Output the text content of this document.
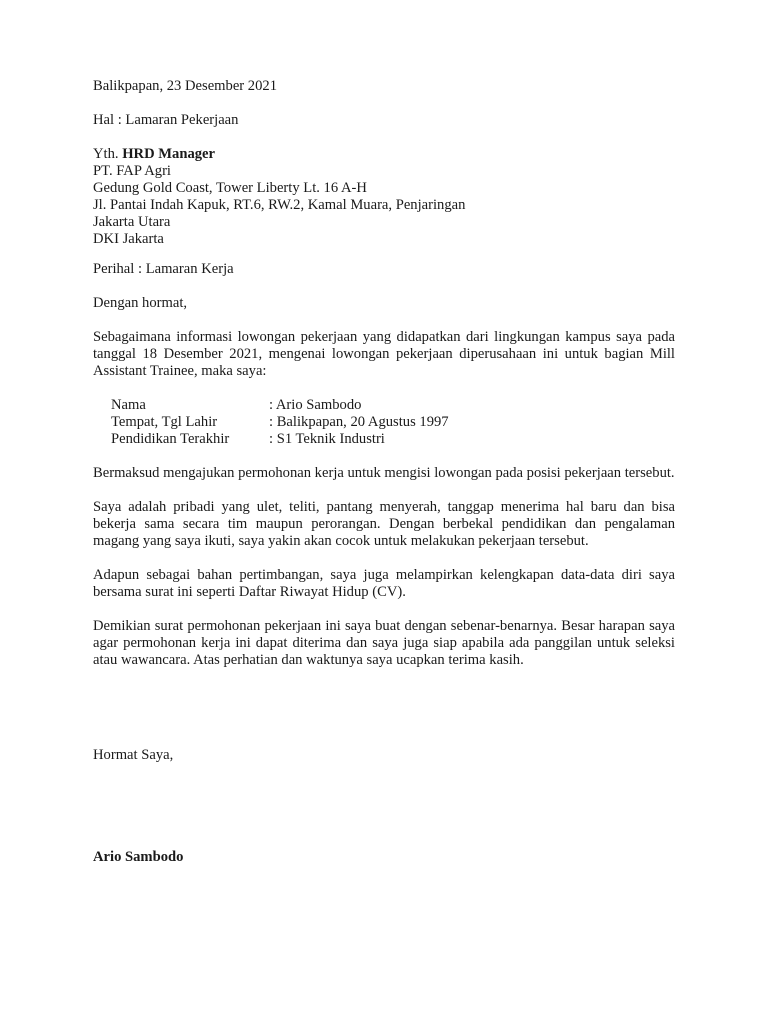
Balikpapan, 23 Desember 2021
Hal : Lamaran Pekerjaan
Yth. HRD Manager
PT. FAP Agri
Gedung Gold Coast, Tower Liberty Lt. 16 A-H
Jl. Pantai Indah Kapuk, RT.6, RW.2, Kamal Muara, Penjaringan
Jakarta Utara
DKI Jakarta
Perihal : Lamaran Kerja
Dengan hormat,

Sebagaimana informasi lowongan pekerjaan yang didapatkan dari lingkungan kampus saya pada tanggal 18 Desember 2021, mengenai lowongan pekerjaan diperusahaan ini untuk bagian Mill Assistant Trainee, maka saya:

Nama	: Ario Sambodo
Tempat, Tgl Lahir	: Balikpapan, 20 Agustus 1997
Pendidikan Terakhir	: S1 Teknik Industri

Bermaksud mengajukan permohonan kerja untuk mengisi lowongan pada posisi pekerjaan tersebut.

Saya adalah pribadi yang ulet, teliti, pantang menyerah, tanggap menerima hal baru dan bisa bekerja sama secara tim maupun perorangan. Dengan berbekal pendidikan dan pengalaman magang yang saya ikuti, saya yakin akan cocok untuk melakukan pekerjaan tersebut.

Adapun sebagai bahan pertimbangan, saya juga melampirkan kelengkapan data-data diri saya bersama surat ini seperti Daftar Riwayat Hidup (CV).

Demikian surat permohonan pekerjaan ini saya buat dengan sebenar-benarnya. Besar harapan saya agar permohonan kerja ini dapat diterima dan saya juga siap apabila ada panggilan untuk seleksi atau wawancara. Atas perhatian dan waktunya saya ucapkan terima kasih.

Hormat Saya,
Ario Sambodo
